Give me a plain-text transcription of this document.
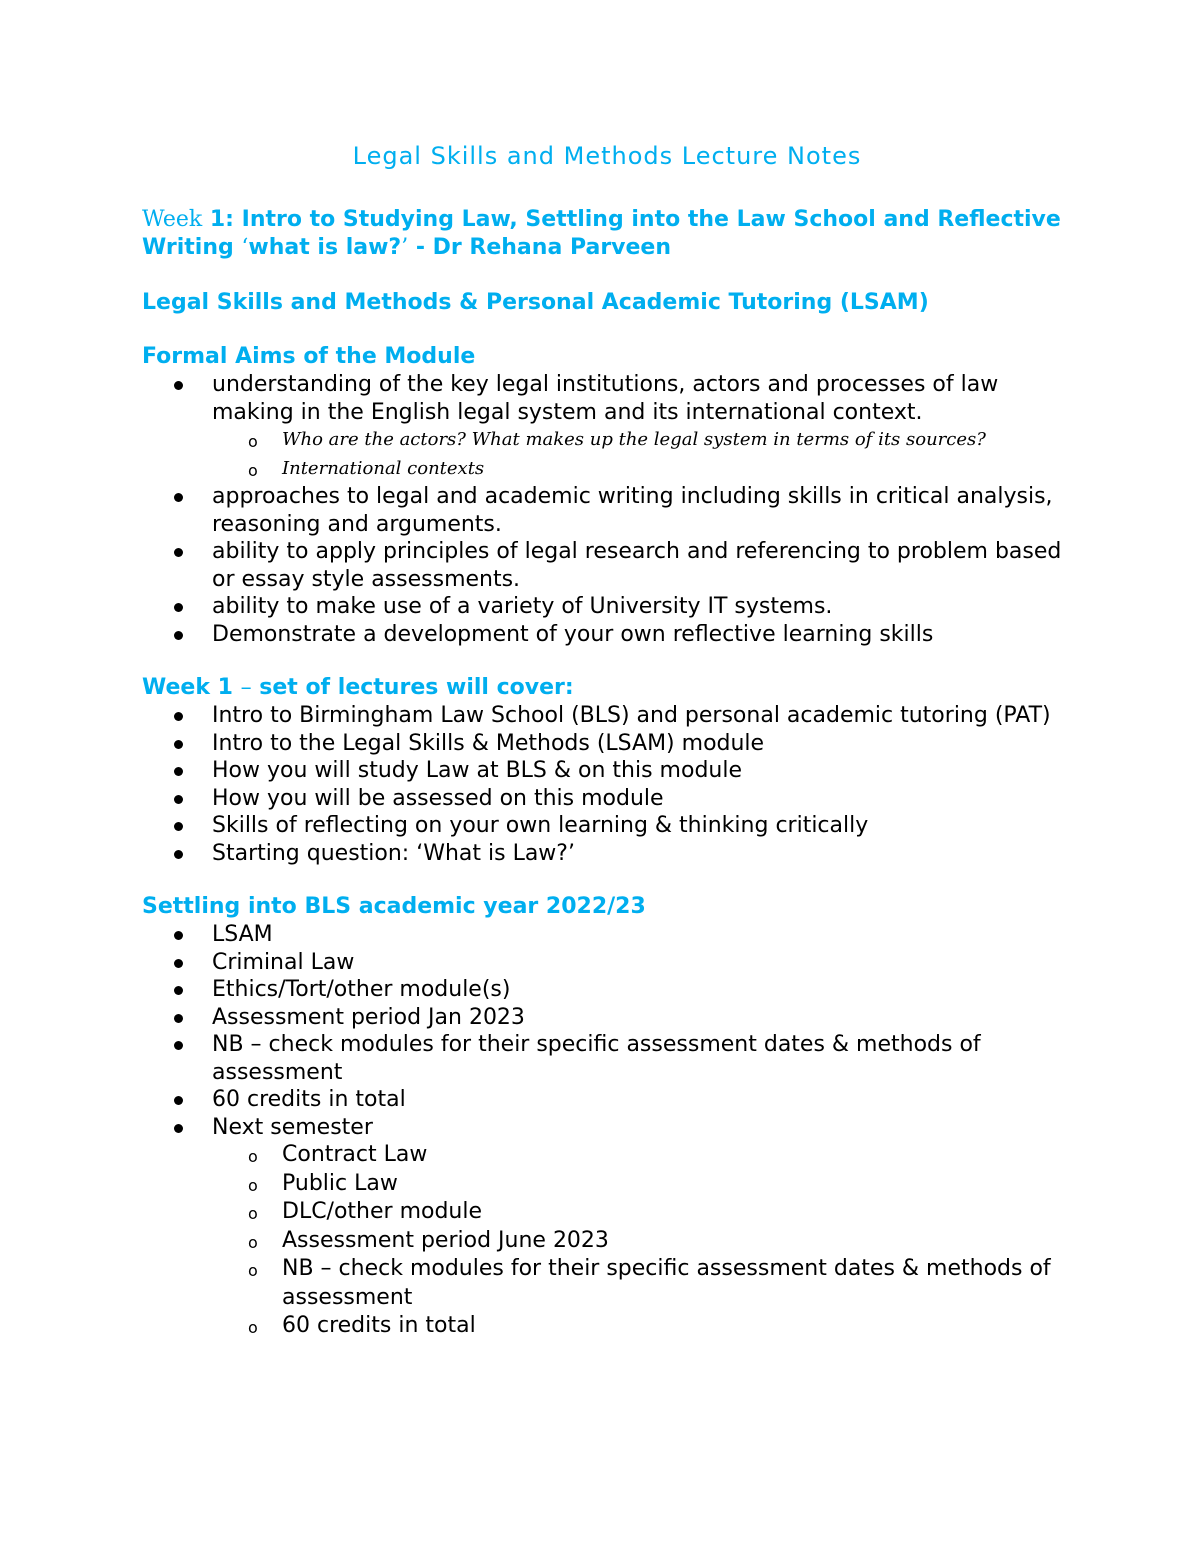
Legal Skills and Methods Lecture Notes

Week 1: Intro to Studying Law, Settling into the Law School and Reflective Writing ‘what is law?’ - Dr Rehana Parveen

Legal Skills and Methods & Personal Academic Tutoring (LSAM)

Formal Aims of the Module

understanding of the key legal institutions, actors and processes of law making in the English legal system and its international context.
o Who are the actors? What makes up the legal system in terms of its sources?
o International contexts
approaches to legal and academic writing including skills in critical analysis, reasoning and arguments.
ability to apply principles of legal research and referencing to problem based or essay style assessments.
ability to make use of a variety of University IT systems.
Demonstrate a development of your own reflective learning skills

Week 1 – set of lectures will cover:

Intro to Birmingham Law School (BLS) and personal academic tutoring (PAT)
Intro to the Legal Skills & Methods (LSAM) module
How you will study Law at BLS & on this module
How you will be assessed on this module
Skills of reflecting on your own learning & thinking critically
Starting question: ‘What is Law?’

Settling into BLS academic year 2022/23

LSAM
Criminal Law
Ethics/Tort/other module(s)
Assessment period Jan 2023
NB – check modules for their specific assessment dates & methods of assessment
60 credits in total
Next semester
o Contract Law
o Public Law
o DLC/other module
o Assessment period June 2023
o NB – check modules for their specific assessment dates & methods of assessment
o 60 credits in total
